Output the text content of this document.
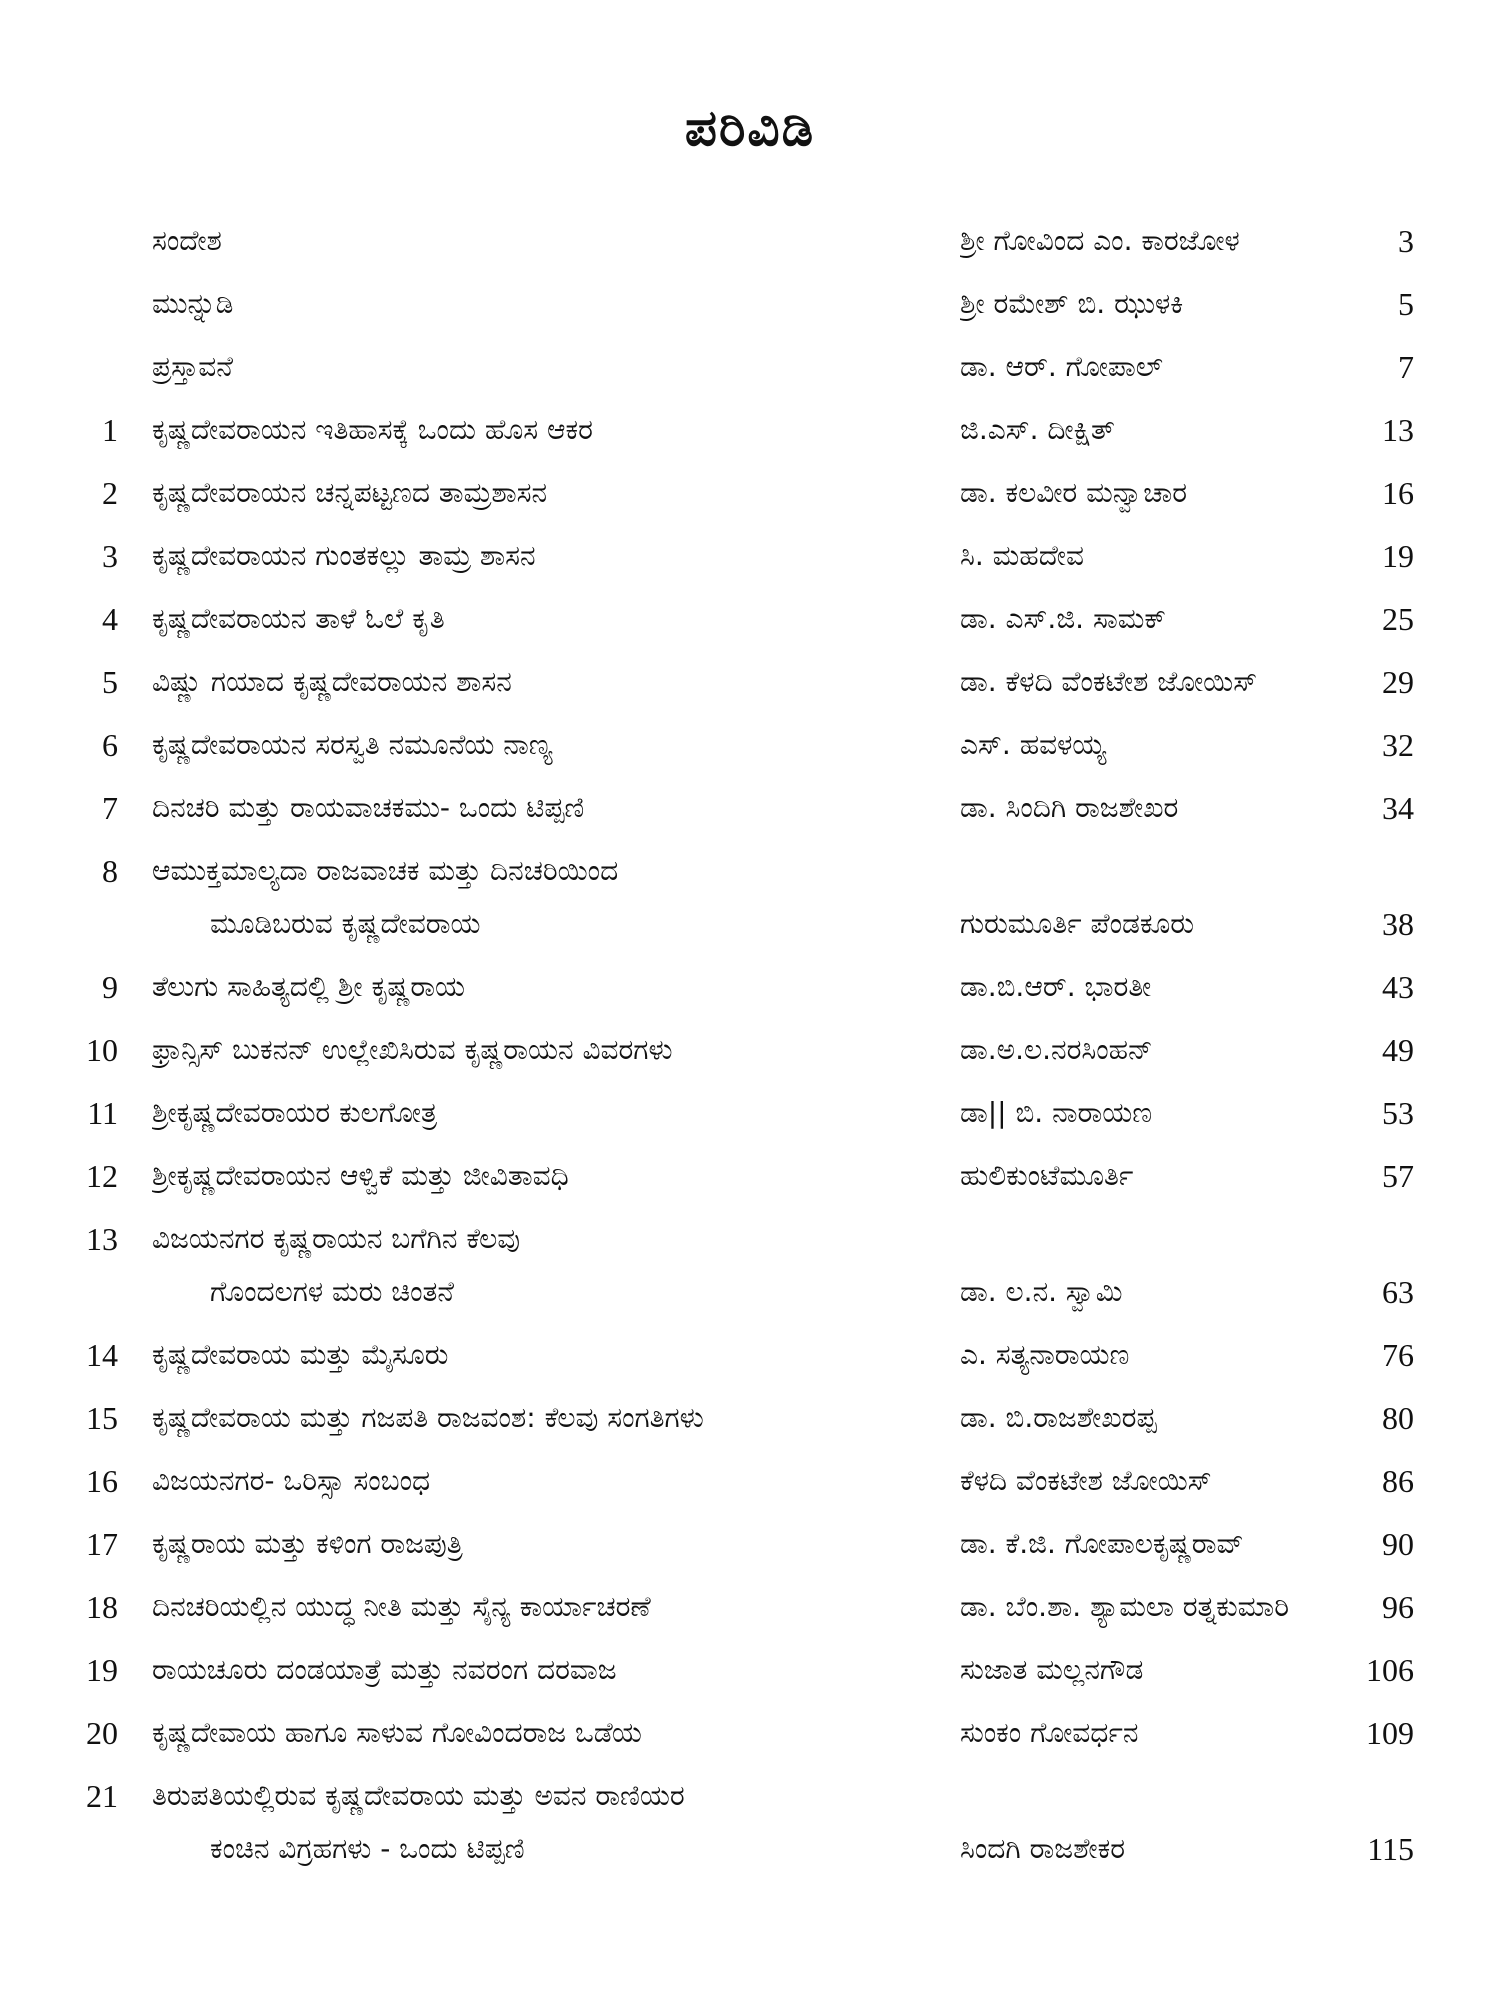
ಪರಿವಿಡಿ
ಸಂದೇಶ	ಶ್ರೀ ಗೋವಿಂದ ಎಂ. ಕಾರಜೋಳ	3
ಮುನ್ನುಡಿ	ಶ್ರೀ ರಮೇಶ್ ಬಿ. ಝುಳಕಿ	5
ಪ್ರಸ್ತಾವನೆ	ಡಾ. ಆರ್. ಗೋಪಾಲ್	7
1 ಕೃಷ್ಣದೇವರಾಯನ ಇತಿಹಾಸಕ್ಕೆ ಒಂದು ಹೊಸ ಆಕರ	ಜಿ.ಎಸ್. ದೀಕ್ಷಿತ್	13
2 ಕೃಷ್ಣದೇವರಾಯನ ಚನ್ನಪಟ್ಟಣದ ತಾಮ್ರಶಾಸನ	ಡಾ. ಕಲವೀರ ಮನ್ವಾಚಾರ	16
3 ಕೃಷ್ಣದೇವರಾಯನ ಗುಂತಕಲ್ಲು ತಾಮ್ರ ಶಾಸನ	ಸಿ. ಮಹದೇವ	19
4 ಕೃಷ್ಣದೇವರಾಯನ ತಾಳೆ ಓಲೆ ಕೃತಿ	ಡಾ. ಎಸ್.ಜಿ. ಸಾಮಕ್	25
5 ವಿಷ್ಣು ಗಯಾದ ಕೃಷ್ಣದೇವರಾಯನ ಶಾಸನ	ಡಾ. ಕೆಳದಿ ವೆಂಕಟೇಶ ಜೋಯಿಸ್	29
6 ಕೃಷ್ಣದೇವರಾಯನ ಸರಸ್ವತಿ ನಮೂನೆಯ ನಾಣ್ಯ	ಎಸ್. ಹವಳಯ್ಯ	32
7 ದಿನಚರಿ ಮತ್ತು ರಾಯವಾಚಕಮು- ಒಂದು ಟಿಪ್ಪಣಿ	ಡಾ. ಸಿಂದಿಗಿ ರಾಜಶೇಖರ	34
8 ಆಮುಕ್ತಮಾಲ್ಯದಾ ರಾಜವಾಚಕ ಮತ್ತು ದಿನಚರಿಯಿಂದ
ಮೂಡಿಬರುವ ಕೃಷ್ಣದೇವರಾಯ	ಗುರುಮೂರ್ತಿ ಪೆಂಡಕೂರು	38
9 ತೆಲುಗು ಸಾಹಿತ್ಯದಲ್ಲಿ ಶ್ರೀ ಕೃಷ್ಣರಾಯ	ಡಾ.ಬಿ.ಆರ್. ಭಾರತೀ	43
10 ಫ್ರಾನ್ಸಿಸ್ ಬುಕನನ್ ಉಲ್ಲೇಖಿಸಿರುವ ಕೃಷ್ಣರಾಯನ ವಿವರಗಳು	ಡಾ.ಅ.ಲ.ನರಸಿಂಹನ್	49
11 ಶ್ರೀಕೃಷ್ಣದೇವರಾಯರ ಕುಲಗೋತ್ರ	ಡಾ|| ಬಿ. ನಾರಾಯಣ	53
12 ಶ್ರೀಕೃಷ್ಣದೇವರಾಯನ ಆಳ್ವಿಕೆ ಮತ್ತು ಜೀವಿತಾವಧಿ	ಹುಲಿಕುಂಟೆಮೂರ್ತಿ	57
13 ವಿಜಯನಗರ ಕೃಷ್ಣರಾಯನ ಬಗೆಗಿನ ಕೆಲವು
ಗೊಂದಲಗಳ ಮರು ಚಿಂತನೆ	ಡಾ. ಲ.ನ. ಸ್ವಾಮಿ	63
14 ಕೃಷ್ಣದೇವರಾಯ ಮತ್ತು ಮೈಸೂರು	ಎ. ಸತ್ಯನಾರಾಯಣ	76
15 ಕೃಷ್ಣದೇವರಾಯ ಮತ್ತು ಗಜಪತಿ ರಾಜವಂಶ: ಕೆಲವು ಸಂಗತಿಗಳು	ಡಾ. ಬಿ.ರಾಜಶೇಖರಪ್ಪ	80
16 ವಿಜಯನಗರ- ಒರಿಸ್ಸಾ ಸಂಬಂಧ	ಕೆಳದಿ ವೆಂಕಟೇಶ ಜೋಯಿಸ್	86
17 ಕೃಷ್ಣರಾಯ ಮತ್ತು ಕಳಿಂಗ ರಾಜಪುತ್ರಿ	ಡಾ. ಕೆ.ಜಿ. ಗೋಪಾಲಕೃಷ್ಣರಾವ್	90
18 ದಿನಚರಿಯಲ್ಲಿನ ಯುದ್ಧ ನೀತಿ ಮತ್ತು ಸೈನ್ಯ ಕಾರ್ಯಾಚರಣೆ	ಡಾ. ಬೆಂ.ಶಾ. ಶ್ಯಾಮಲಾ ರತ್ನಕುಮಾರಿ	96
19 ರಾಯಚೂರು ದಂಡಯಾತ್ರೆ ಮತ್ತು ನವರಂಗ ದರವಾಜ	ಸುಜಾತ ಮಲ್ಲನಗೌಡ	106
20 ಕೃಷ್ಣದೇವಾಯ ಹಾಗೂ ಸಾಳುವ ಗೋವಿಂದರಾಜ ಒಡೆಯ	ಸುಂಕಂ ಗೋವರ್ಧನ	109
21 ತಿರುಪತಿಯಲ್ಲಿರುವ ಕೃಷ್ಣದೇವರಾಯ ಮತ್ತು ಅವನ ರಾಣಿಯರ
ಕಂಚಿನ ವಿಗ್ರಹಗಳು - ಒಂದು ಟಿಪ್ಪಣಿ	ಸಿಂದಗಿ ರಾಜಶೇಕರ	115
